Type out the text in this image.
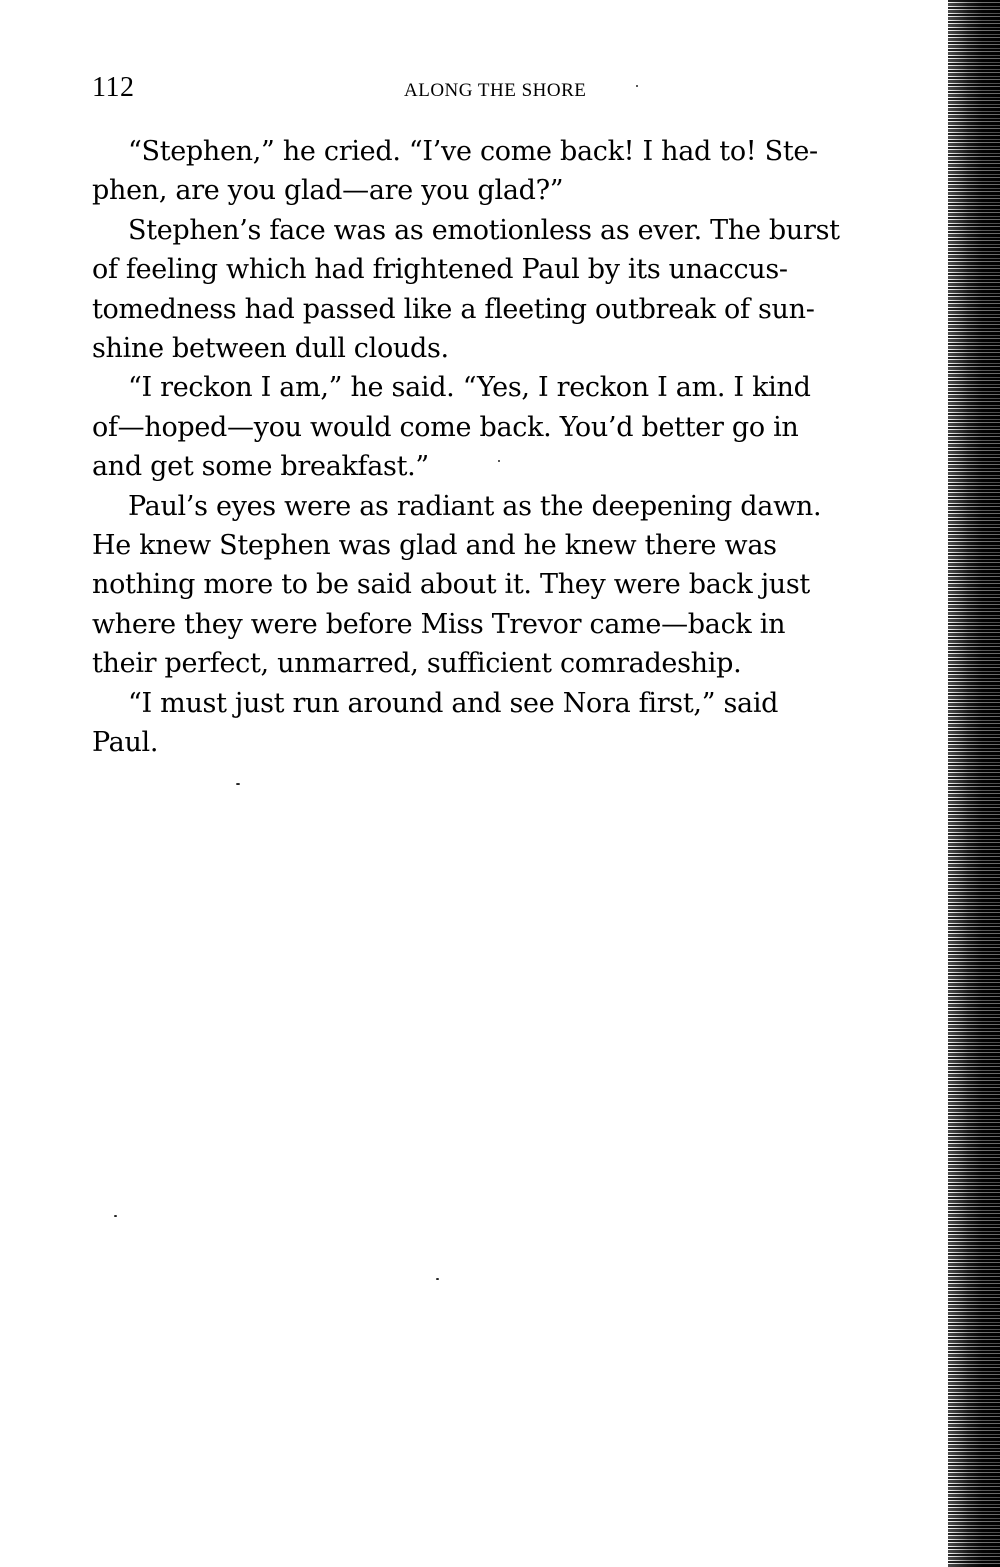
112	ALONG THE SHORE

“Stephen,” he cried. “I’ve come back! I had to! Ste-
phen, are you glad—are you glad?”

Stephen’s face was as emotionless as ever. The burst
of feeling which had frightened Paul by its unaccus-
tomedness had passed like a fleeting outbreak of sun-
shine between dull clouds.

“I reckon I am,” he said. “Yes, I reckon I am. I kind
of—hoped—you would come back. You’d better go in
and get some breakfast.”

Paul’s eyes were as radiant as the deepening dawn.
He knew Stephen was glad and he knew there was
nothing more to be said about it. They were back just
where they were before Miss Trevor came—back in
their perfect, unmarred, sufficient comradeship.

“I must just run around and see Nora first,” said
Paul.
